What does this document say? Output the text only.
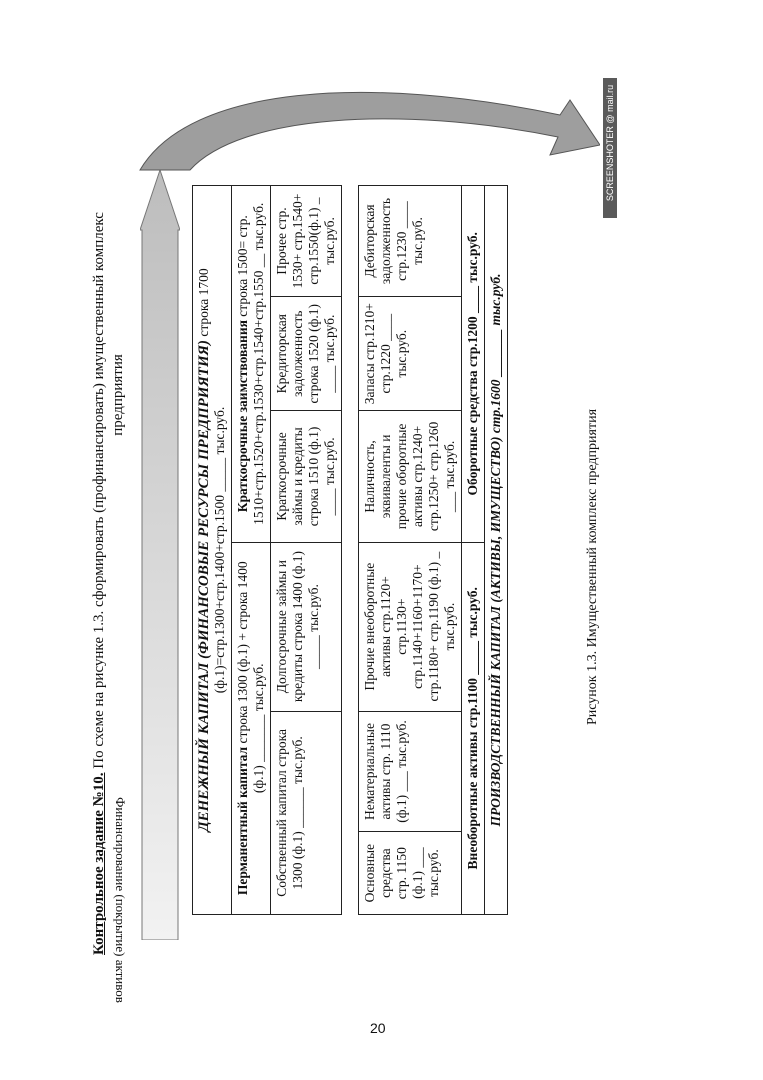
Контрольное задание №10. По схеме на рисунке 1.3. сформировать (профинансировать) имущественный комплекс предприятия	ДЕНЕЖНЫЙ КАПИТАЛ (ФИНАНСОВЫЕ РЕСУРСЫ ПРЕДПРИЯТИЯ) строка 1700
(ф.1)=стр.1300+стр.1400+стр.1500 _____ тыс.руб.					
Перманентный капитал строка 1300 (ф.1) + строка 1400 (ф.1) _______ тыс.руб.			Краткосрочные заимствования строка 1500= стр. 1510+стр.1520+стр.1530+стр.1540+стр.1550 __ тыс.руб.		
Собственный капитал строка 1300 (ф.1) ______ тыс.руб.		Долгосрочные займы и кредиты строка 1400 (ф.1) _____ тыс.руб.	Краткосрочные займы и кредиты строка 1510 (ф.1) ____ тыс.руб.	Кредиторская задолженность строка 1520 (ф.1) ____ тыс.руб.	Прочее стр. 1530+ стр.1540+ стр.1550(ф.1) _ тыс.руб.

Основные средства стр. 1150 (ф.1) ___ тыс.руб.	Нематериальные активы стр. 1110 (ф.1) ___ тыс.руб.	Прочие внеоборотные активы стр.1120+ стр.1130+ стр.1140+1160+1170+ стр.1180+ стр.1190 (ф.1) _ тыс.руб.	Наличность, эквиваленты и прочие оборотные активы стр.1240+ стр.1250+ стр.1260 ___ тыс.руб.	Запасы стр.1210+ стр.1220 ____ тыс.руб.	Дебиторская задолженность стр.1230 ____ тыс.руб.
Внеоборотные активы стр.1100 _____ тыс.руб.			Оборотные средства стр.1200 ____ тыс.руб.		
ПРОИЗВОДСТВЕННЫЙ КАПИТАЛ (АКТИВЫ, ИМУЩЕСТВО) стр.1600 _______ тыс.руб.						Рисунок 1.3. Имущественный комплекс предприятия
Финансирование (покрытие) активов
SCREENSHOTER @ mail.ru
20
